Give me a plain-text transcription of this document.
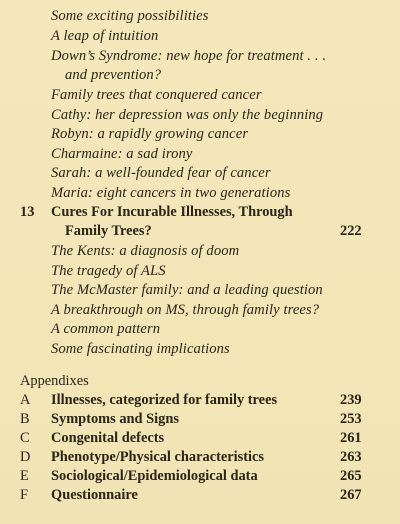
Some exciting possibilities
A leap of intuition
Down’s Syndrome: new hope for treatment . . .
and prevention?
Family trees that conquered cancer
Cathy: her depression was only the beginning
Robyn: a rapidly growing cancer
Charmaine: a sad irony
Sarah: a well-founded fear of cancer
Maria: eight cancers in two generations
13 Cures For Incurable Illnesses, Through
Family Trees?	222
The Kents: a diagnosis of doom
The tragedy of ALS
The McMaster family: and a leading question
A breakthrough on MS, through family trees?
A common pattern
Some fascinating implications
Appendixes
A Illnesses, categorized for family trees	239
B Symptoms and Signs	253
C Congenital defects	261
D Phenotype/Physical characteristics	263
E Sociological/Epidemiological data	265
F Questionnaire	267
